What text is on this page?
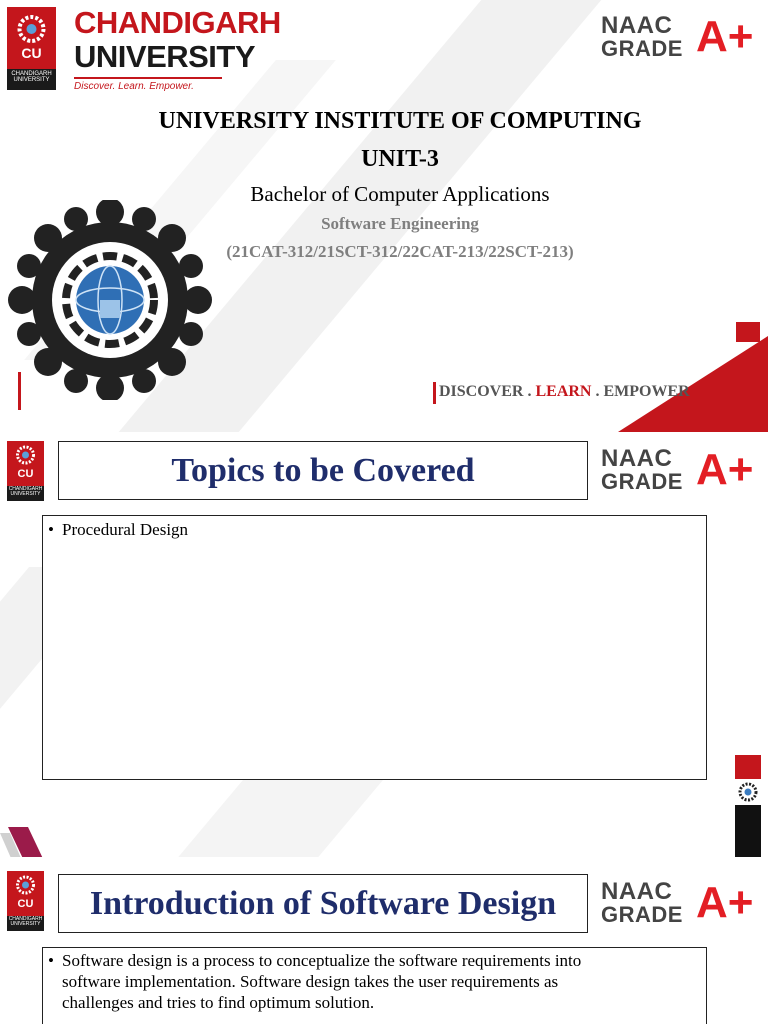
CU
CHANDIGARH UNIVERSITY
CHANDIGARH
UNIVERSITY
Discover. Learn. Empower.
NAAC
GRADE A+
UNIVERSITY INSTITUTE OF COMPUTING
UNIT-3
Bachelor of Computer Applications
Software Engineering
(21CAT-312/21SCT-312/22CAT-213/22SCT-213)
DISCOVER . LEARN . EMPOWER
CU
CHANDIGARH UNIVERSITY
Topics to be Covered	NAAC
GRADE A+
• Procedural Design
CU
CHANDIGARH UNIVERSITY
Introduction of Software Design NAAC
GRADE A+
• Software design is a process to conceptualize the software requirements into
software implementation. Software design takes the user requirements as
challenges and tries to find optimum solution.
